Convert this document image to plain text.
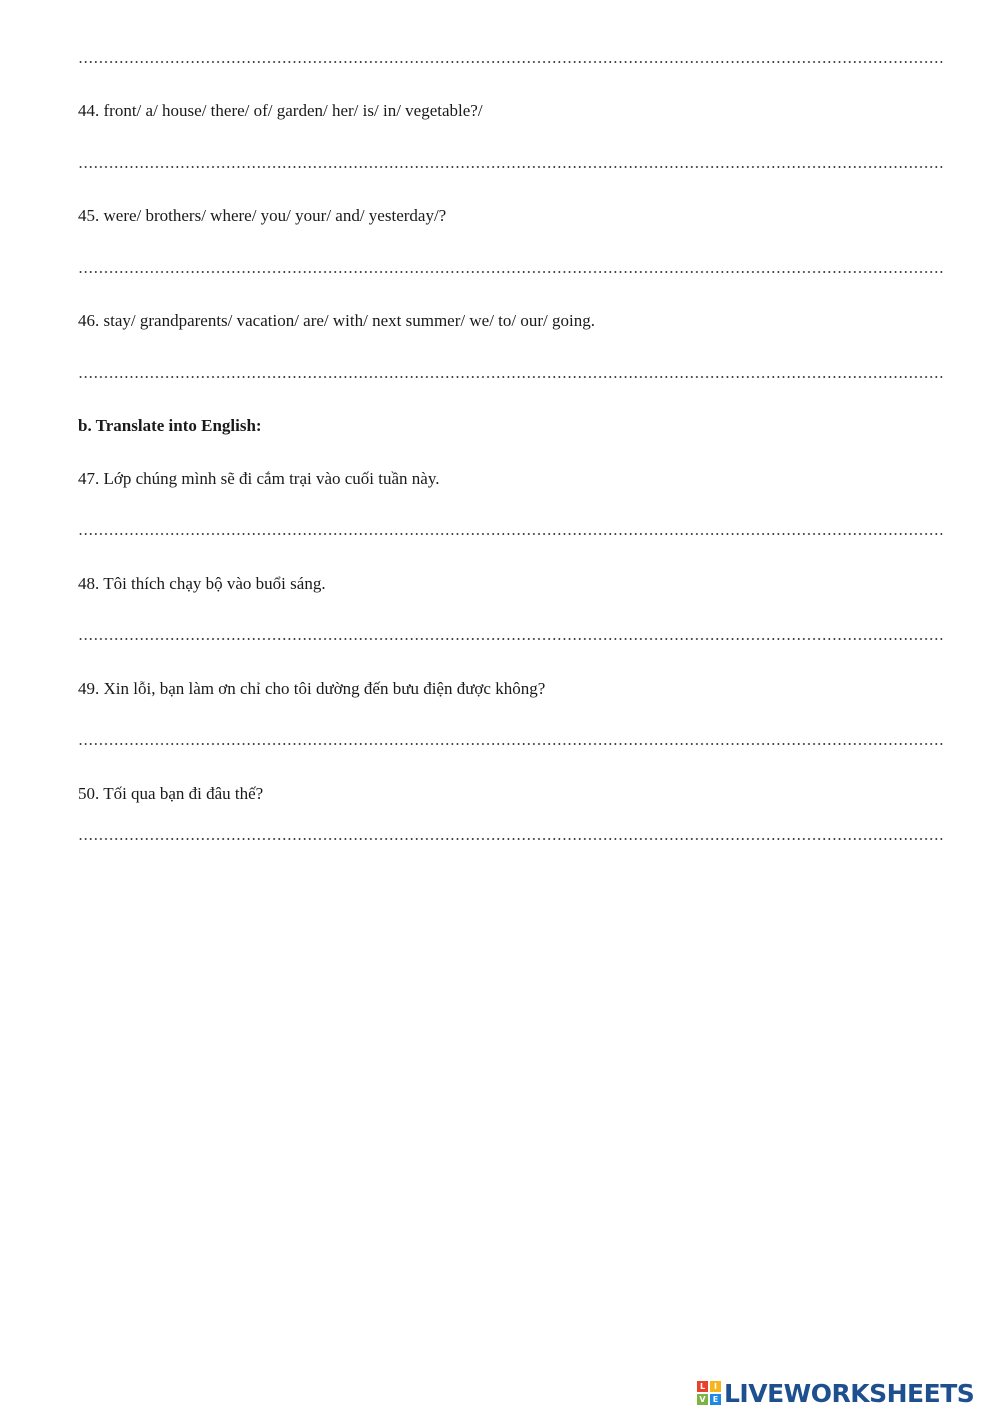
44. front/ a/ house/ there/ of/ garden/ her/ is/ in/ vegetable?/
45. were/ brothers/ where/ you/ your/ and/ yesterday/?
46. stay/ grandparents/ vacation/ are/ with/ next summer/ we/ to/ our/ going.
b. Translate into English:
47. Lớp chúng mình sẽ đi cắm trại vào cuối tuần này.
48. Tôi thích chạy bộ vào buổi sáng.
49. Xin lỗi, bạn làm ơn chỉ cho tôi dường đến bưu điện được không?
50. Tối qua bạn đi đâu thế?
L	I
V E LIVEWORKSHEETS
